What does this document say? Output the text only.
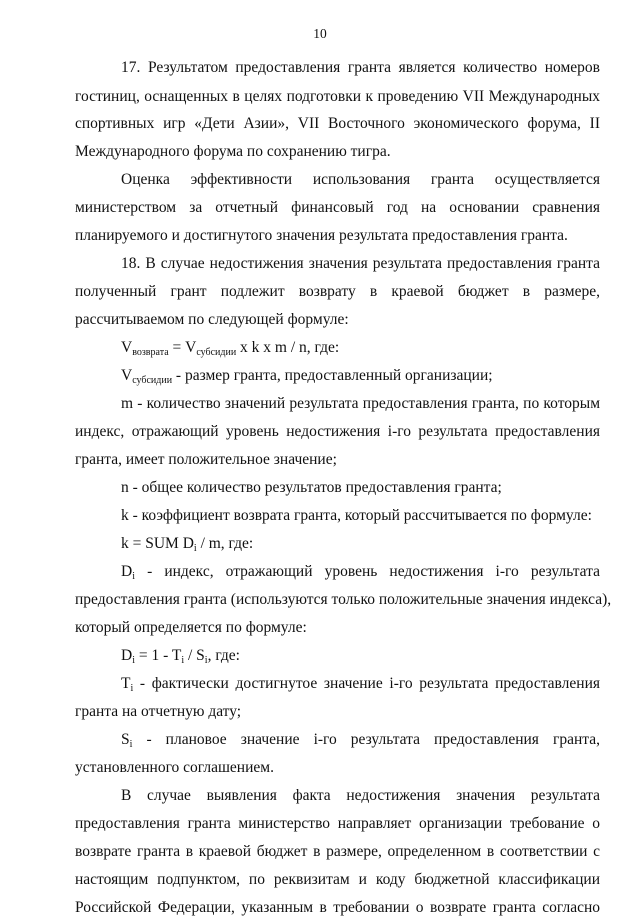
10
17. Результатом предоставления гранта является количество номеров
гостиниц, оснащенных в целях подготовки к проведению VII Международных
спортивных игр «Дети Азии», VII Восточного экономического форума, II
Международного форума по сохранению тигра.
Оценка эффективности использования гранта осуществляется
министерством за отчетный финансовый год на основании сравнения
планируемого и достигнутого значения результата предоставления гранта.
18. В случае недостижения значения результата предоставления гранта
полученный грант подлежит возврату в краевой бюджет в размере,
рассчитываемом по следующей формуле:
$V_{возврата} = V_{субсидии}$ x k x m / n, где:
$V_{субсидии}$ - размер гранта, предоставленный организации;
m - количество значений результата предоставления гранта, по которым
индекс, отражающий уровень недостижения i-го результата предоставления
гранта, имеет положительное значение;
n - общее количество результатов предоставления гранта;
k - коэффициент возврата гранта, который рассчитывается по формуле:
k = SUM $D_i$ / m, где:
$D_i$ - индекс, отражающий уровень недостижения i-го результата
предоставления гранта (используются только положительные значения индекса),
который определяется по формуле:
$D_i = 1 - T_i / S_i$, где:
$T_i$ - фактически достигнутое значение i-го результата предоставления
гранта на отчетную дату;
$S_i$ - плановое значение i-го результата предоставления гранта,
установленного соглашением.
В случае выявления факта недостижения значения результата
предоставления гранта министерство направляет организации требование о
возврате гранта в краевой бюджет в размере, определенном в соответствии с
настоящим подпунктом, по реквизитам и коду бюджетной классификации
Российской Федерации, указанным в требовании о возврате гранта согласно
